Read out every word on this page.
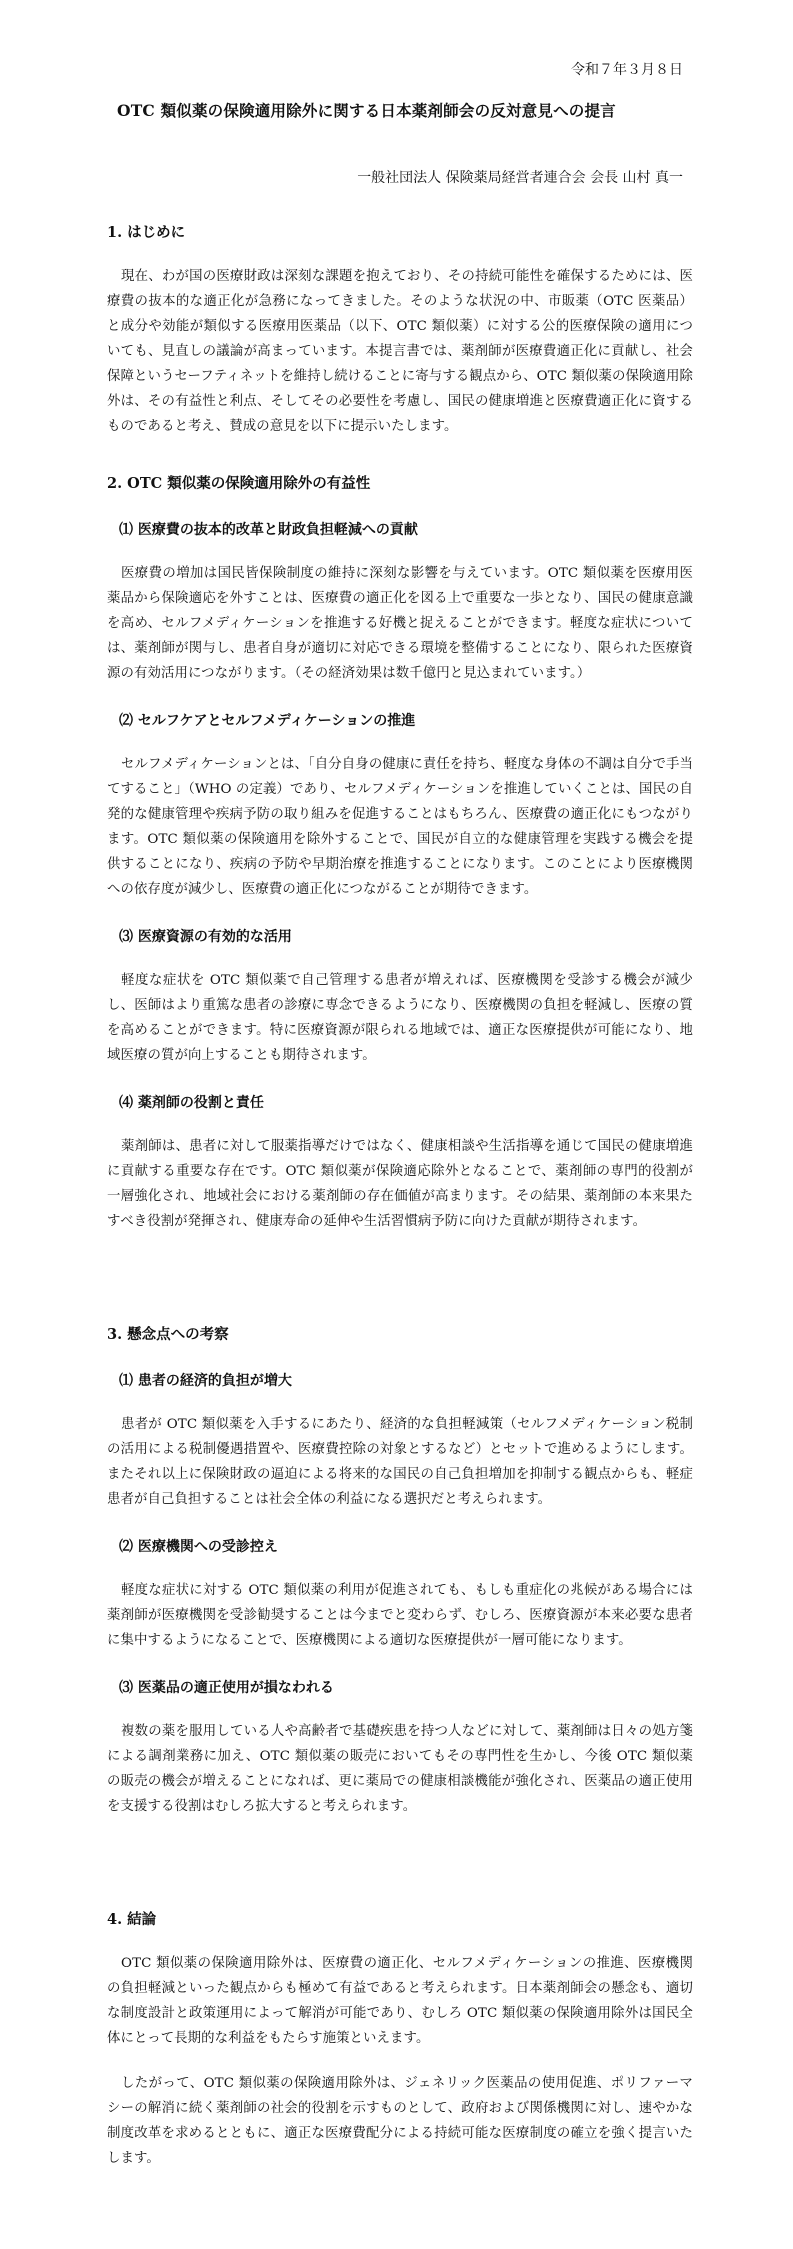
令和７年３月８日
OTC 類似薬の保険適用除外に関する日本薬剤師会の反対意見への提言
一般社団法人 保険薬局経営者連合会 会長 山村 真一
1. はじめに

現在、わが国の医療財政は深刻な課題を抱えており、その持続可能性を確保するためには、医療費の抜本的な適正化が急務になってきました。そのような状況の中、市販薬（OTC 医薬品）と成分や効能が類似する医療用医薬品（以下、OTC 類似薬）に対する公的医療保険の適用についても、見直しの議論が高まっています。本提言書では、薬剤師が医療費適正化に貢献し、社会保障というセーフティネットを維持し続けることに寄与する観点から、OTC 類似薬の保険適用除外は、その有益性と利点、そしてその必要性を考慮し、国民の健康増進と医療費適正化に資するものであると考え、賛成の意見を以下に提示いたします。

2. OTC 類似薬の保険適用除外の有益性
⑴ 医療費の抜本的改革と財政負担軽減への貢献

医療費の増加は国民皆保険制度の維持に深刻な影響を与えています。OTC 類似薬を医療用医薬品から保険適応を外すことは、医療費の適正化を図る上で重要な一歩となり、国民の健康意識を高め、セルフメディケーションを推進する好機と捉えることができます。軽度な症状については、薬剤師が関与し、患者自身が適切に対応できる環境を整備することになり、限られた医療資源の有効活用につながります。（その経済効果は数千億円と見込まれています。）

⑵ セルフケアとセルフメディケーションの推進

セルフメディケーションとは、「自分自身の健康に責任を持ち、軽度な身体の不調は自分で手当てすること」（WHO の定義）であり、セルフメディケーションを推進していくことは、国民の自発的な健康管理や疾病予防の取り組みを促進することはもちろん、医療費の適正化にもつながります。OTC 類似薬の保険適用を除外することで、国民が自立的な健康管理を実践する機会を提供することになり、疾病の予防や早期治療を推進することになります。このことにより医療機関への依存度が減少し、医療費の適正化につながることが期待できます。

⑶ 医療資源の有効的な活用

軽度な症状を OTC 類似薬で自己管理する患者が増えれば、医療機関を受診する機会が減少し、医師はより重篤な患者の診療に専念できるようになり、医療機関の負担を軽減し、医療の質を高めることができます。特に医療資源が限られる地域では、適正な医療提供が可能になり、地域医療の質が向上することも期待されます。

⑷ 薬剤師の役割と責任

薬剤師は、患者に対して服薬指導だけではなく、健康相談や生活指導を通じて国民の健康増進に貢献する重要な存在です。OTC 類似薬が保険適応除外となることで、薬剤師の専門的役割が一層強化され、地域社会における薬剤師の存在価値が高まります。その結果、薬剤師の本来果たすべき役割が発揮され、健康寿命の延伸や生活習慣病予防に向けた貢献が期待されます。

3. 懸念点への考察
⑴ 患者の経済的負担が増大

患者が OTC 類似薬を入手するにあたり、経済的な負担軽減策（セルフメディケーション税制の活用による税制優遇措置や、医療費控除の対象とするなど）とセットで進めるようにします。またそれ以上に保険財政の逼迫による将来的な国民の自己負担増加を抑制する観点からも、軽症患者が自己負担することは社会全体の利益になる選択だと考えられます。

⑵ 医療機関への受診控え

軽度な症状に対する OTC 類似薬の利用が促進されても、もしも重症化の兆候がある場合には薬剤師が医療機関を受診勧奨することは今までと変わらず、むしろ、医療資源が本来必要な患者に集中するようになることで、医療機関による適切な医療提供が一層可能になります。

⑶ 医薬品の適正使用が損なわれる

複数の薬を服用している人や高齢者で基礎疾患を持つ人などに対して、薬剤師は日々の処方箋による調剤業務に加え、OTC 類似薬の販売においてもその専門性を生かし、今後 OTC 類似薬の販売の機会が増えることになれば、更に薬局での健康相談機能が強化され、医薬品の適正使用を支援する役割はむしろ拡大すると考えられます。

4. 結論

OTC 類似薬の保険適用除外は、医療費の適正化、セルフメディケーションの推進、医療機関の負担軽減といった観点からも極めて有益であると考えられます。日本薬剤師会の懸念も、適切な制度設計と政策運用によって解消が可能であり、むしろ OTC 類似薬の保険適用除外は国民全体にとって長期的な利益をもたらす施策といえます。

したがって、OTC 類似薬の保険適用除外は、ジェネリック医薬品の使用促進、ポリファーマシーの解消に続く薬剤師の社会的役割を示すものとして、政府および関係機関に対し、速やかな制度改革を求めるとともに、適正な医療費配分による持続可能な医療制度の確立を強く提言いたします。
